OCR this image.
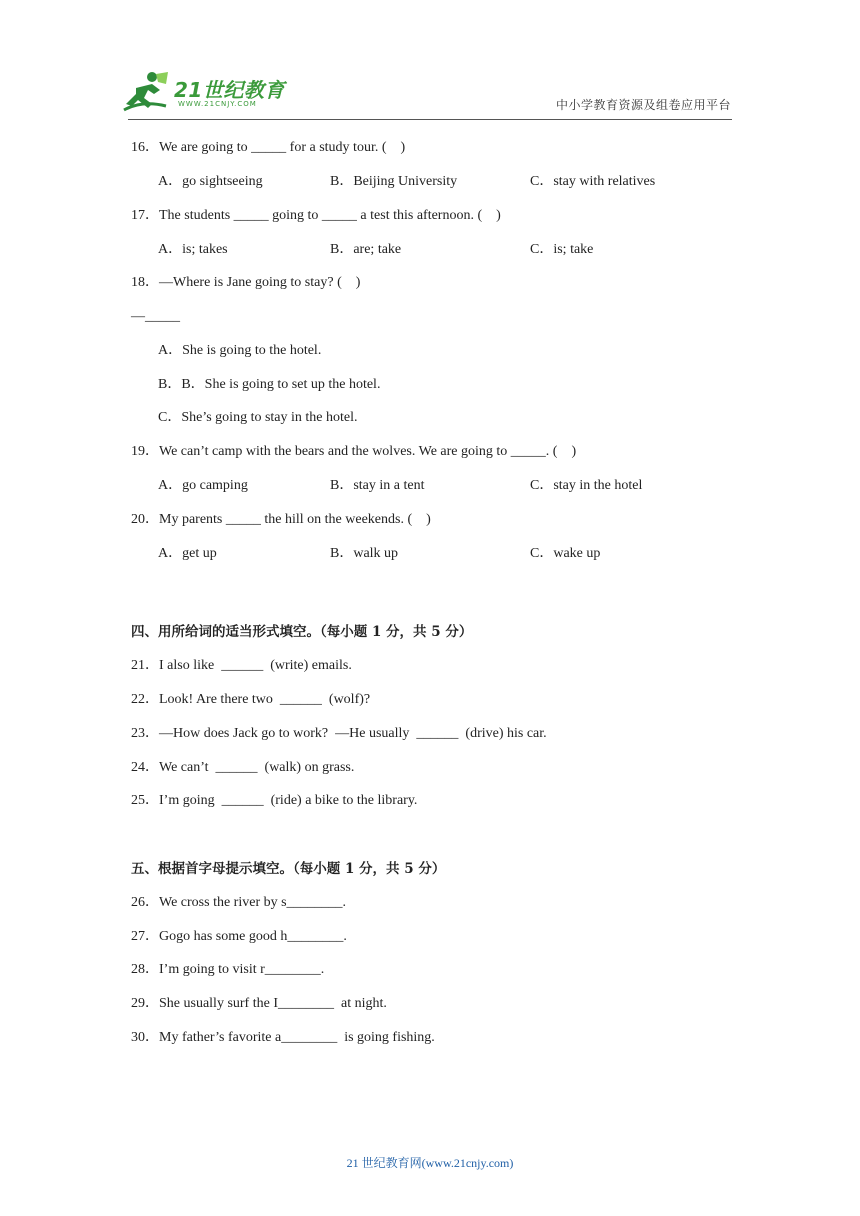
21世纪教育
WWW.21CNJY.COM	中小学教育资源及组卷应用平台
16．We are going to _____ for a study tour. (　)
A．go sightseeing	B．Beijing University	C．stay with relatives
17．The students _____ going to _____ a test this afternoon. (　)
A．is; takes	B．are; take	C．is; take
18．—Where is Jane going to stay? (　)
—_____
A．She is going to the hotel.
B．B．She is going to set up the hotel.
C．She’s going to stay in the hotel.
19．We can’t camp with the bears and the wolves. We are going to _____. (　)
A．go camping	B．stay in a tent	C．stay in the hotel
20．My parents _____ the hill on the weekends. (　)
A．get up	B．walk up	C．wake up
四、用所给词的适当形式填空。（每小题 1 分，共 5 分）
21．I also like  ______  (write) emails.
22．Look! Are there two  ______  (wolf)?
23．—How does Jack go to work?  —He usually  ______  (drive) his car.
24．We can’t  ______  (walk) on grass.
25．I’m going  ______  (ride) a bike to the library.
五、根据首字母提示填空。（每小题 1 分，共 5 分）
26．We cross the river by s________.
27．Gogo has some good h________.
28．I’m going to visit r________.
29．She usually surf the I________  at night.
30．My father’s favorite a________  is going fishing.
21 世纪教育网(www.21cnjy.com)
